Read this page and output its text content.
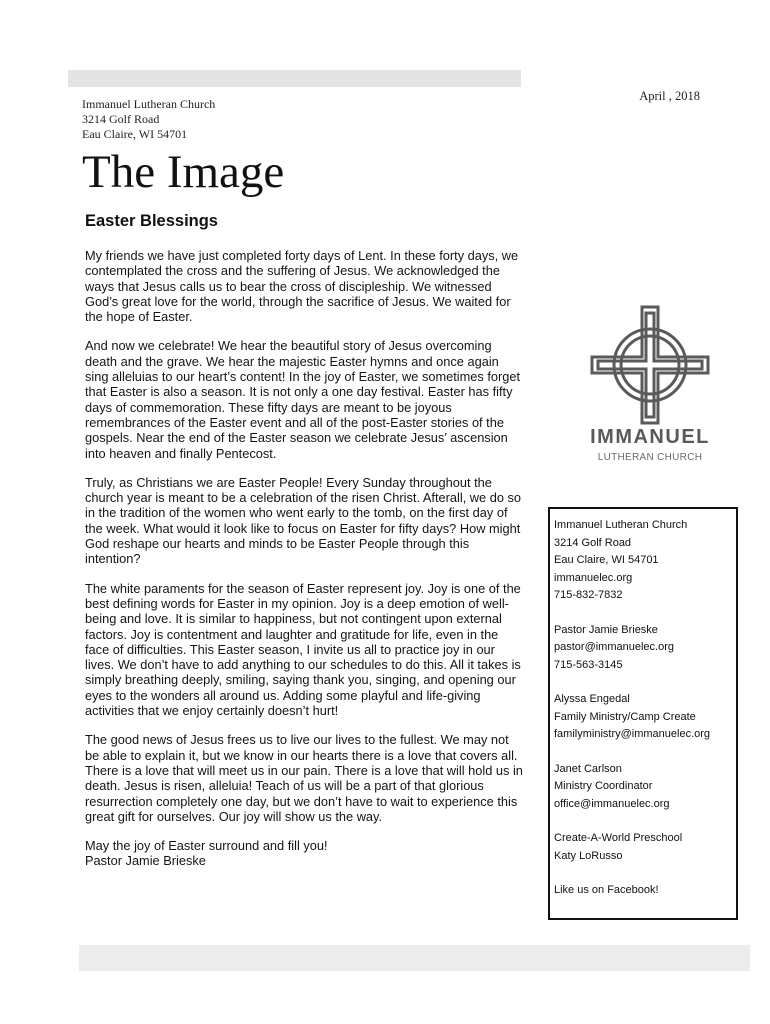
April , 2018
Immanuel Lutheran Church
3214 Golf Road
Eau Claire, WI 54701
The Image
Easter Blessings

My friends we have just completed forty days of Lent. In these forty days, we contemplated the cross and the suffering of Jesus. We acknowledged the ways that Jesus calls us to bear the cross of discipleship. We witnessed God’s great love for the world, through the sacrifice of Jesus. We waited for the hope of Easter.

And now we celebrate! We hear the beautiful story of Jesus overcoming death and the grave. We hear the majestic Easter hymns and once again sing alleluias to our heart’s content! In the joy of Easter, we sometimes forget that Easter is also a season. It is not only a one day festival. Easter has fifty days of commemoration. These fifty days are meant to be joyous remembrances of the Easter event and all of the post-Easter stories of the gospels. Near the end of the Easter season we celebrate Jesus’ ascension into heaven and finally Pentecost.

Truly, as Christians we are Easter People! Every Sunday throughout the church year is meant to be a celebration of the risen Christ. Afterall, we do so in the tradition of the women who went early to the tomb, on the first day of the week. What would it look like to focus on Easter for fifty days? How might God reshape our hearts and minds to be Easter People through this intention?

The white paraments for the season of Easter represent joy. Joy is one of the best defining words for Easter in my opinion. Joy is a deep emotion of well-being and love. It is similar to happiness, but not contingent upon external factors. Joy is contentment and laughter and gratitude for life, even in the face of difficulties. This Easter season, I invite us all to practice joy in our lives. We don’t have to add anything to our schedules to do this. All it takes is simply breathing deeply, smiling, saying thank you, singing, and opening our eyes to the wonders all around us. Adding some playful and life-giving activities that we enjoy certainly doesn’t hurt!

The good news of Jesus frees us to live our lives to the fullest. We may not be able to explain it, but we know in our hearts there is a love that covers all. There is a love that will meet us in our pain. There is a love that will hold us in death. Jesus is risen, alleluia! Teach of us will be a part of that glorious resurrection completely one day, but we don’t have to wait to experience this great gift for ourselves. Our joy will show us the way.

May the joy of Easter surround and fill you!

Pastor Jamie Brieske

IMMANUEL
LUTHERAN CHURCH
Immanuel Lutheran Church
3214 Golf Road
Eau Claire, WI 54701
immanuelec.org
715-832-7832
Pastor Jamie Brieske
pastor@immanuelec.org
715-563-3145
Alyssa Engedal
Family Ministry/Camp Create
familyministry@immanuelec.org
Janet Carlson
Ministry Coordinator
office@immanuelec.org
Create-A-World Preschool
Katy LoRusso
Like us on Facebook!
